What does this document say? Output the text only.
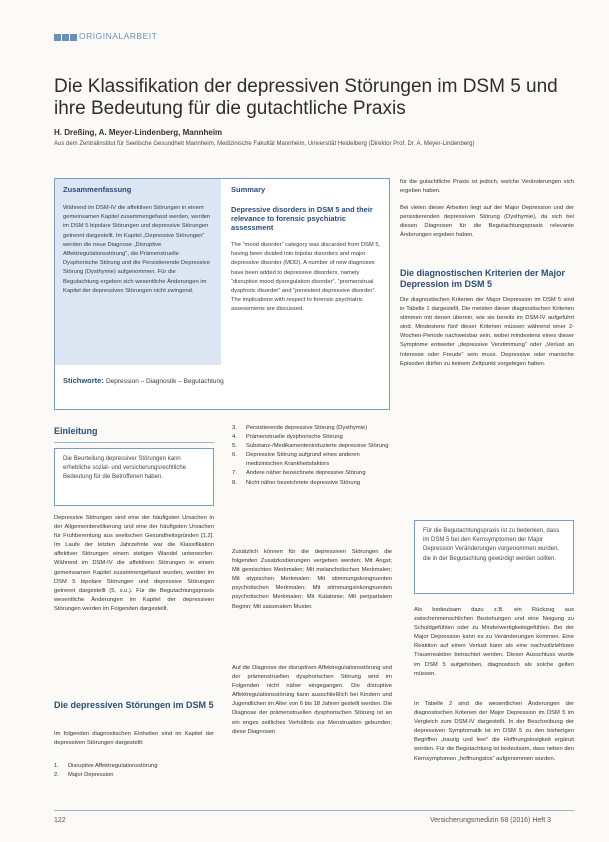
ORIGINALARBEIT
Die Klassifikation der depressiven Störungen im DSM 5 und ihre Bedeutung für die gutachtliche Praxis
H. Dreßing, A. Meyer-Lindenberg, Mannheim
Aus dem Zentralinstitut für Seelische Gesundheit Mannheim, Medizinische Fakultät Mannheim, Universität Heidelberg (Direktor Prof. Dr. A. Meyer-Lindenberg)
Zusammenfassung

Während im DSM-IV die affektiven Störungen in einem gemeinsamen Kapitel zusammengefasst werden, werden im DSM 5 bipolare Störungen und depressive Störungen getrennt dargestellt. Im Kapitel „Depressive Störungen“ werden die neue Diagnose „Disruptive Affektregulationsstörung“, die Prämenstruelle Dysphorische Störung und die Persistierende Depressive Störung (Dysthymie) aufgenommen. Für die Begutachtung ergeben sich wesentliche Änderungen im Kapitel der depressiven Störungen nicht zwingend.

Summary

Depressive disorders in DSM 5 and their relevance to forensic psychiatric assessment

The “mood disorder” category was discarded from DSM 5, having been divided into bipolar disorders and major depressive disorder (MDD). A number of new diagnoses have been added to depressive disorders, namely “disruptive mood dysregulation disorder”, “premenstrual dysphoric disorder” and “persistent depressive disorder”. The implications with respect to forensic psychiatric assessments are discussed.

Stichworte: Depression – Diagnostik – Begutachtung

für die gutachtliche Praxis ist jedoch, welche Veränderungen sich ergeben haben.

Bei vielen dieser Arbeiten liegt auf der Major Depression und der persistierenden depressiven Störung (Dysthymie), da sich bei diesen Diagnosen für die Begutachtungspraxis relevante Änderungen ergeben haben.

Die diagnostischen Kriterien der Major Depression im DSM 5

Die diagnostischen Kriterien der Major Depression im DSM 5 sind in Tabelle 1 dargestellt. Die meisten dieser diagnostischen Kriterien stimmen mit denen überein, wie sie bereits im DSM-IV aufgeführt sind. Mindestens fünf dieser Kriterien müssen während einer 2-Wochen-Periode nachweisbar sein, wobei mindestens eines dieser Symptome entweder „depressive Verstimmung“ oder „Verlust an Interesse oder Freude“ sein muss. Depressive oder manische Episoden dürfen zu keinem Zeitpunkt vorgelegen haben.

Einleitung
Die Beurteilung depressiver Störungen kann erhebliche sozial- und versicherungsrechtliche Bedeutung für die Betroffenen haben.

Depressive Störungen sind eine der häufigsten Ursachen in der Allgemeinbevölkerung und eine der häufigsten Ursachen für Frühberentung aus seelischen Gesundheitsgründen [1,2]. Im Laufe der letzten Jahrzehnte war die Klassifikation affektiver Störungen einem stetigen Wandel unterworfen. Während im DSM-IV die affektiven Störungen in einem gemeinsamen Kapitel zusammengefasst wurden, werden im DSM 5 bipolare Störungen und depressive Störungen getrennt dargestellt (5, s.u.). Für die Begutachtungspraxis wesentliche Änderungen im Kapitel der depressiven Störungen werden im Folgenden dargestellt.

Die depressiven Störungen im DSM 5

Im folgenden diagnostischen Einheiten sind im Kapitel der depressiven Störungen dargestellt:

1.	Disruptive Affektregulationsstörung
2.	Major Depression
3.	Persistierende depressive Störung (Dysthymie)
4.	Prämenstruelle dysphorische Störung
5.	Substanz-/Medikamenteninduzierte depressive Störung
6.	Depressive Störung aufgrund eines anderen medizinischen Krankheitsfaktors
7.	Andere näher bezeichnete depressive Störung
8.	Nicht näher bezeichnete depressive Störung

Zusätzlich können für die depressiven Störungen die folgenden Zusatzkodierungen vergeben werden: Mit Angst; Mit gemischten Merkmalen; Mit melancholischen Merkmalen; Mit atypischen Merkmalen; Mit stimmungskongruenten psychotischen Merkmalen; Mit stimmungsinkongruenten psychotischen Merkmalen; Mit Katatonie; Mit peripartalem Beginn; Mit saisonalem Muster.

Auf die Diagnose der disruptiven Affektregulationsstörung und der prämenstruellen dysphorischen Störung wird im Folgenden nicht näher eingegangen. Die disruptive Affektregulationsstörung kann ausschließlich bei Kindern und Jugendlichen im Alter von 6 bis 18 Jahren gestellt werden. Die Diagnose der prämenstruellen dysphorischen Störung ist an ein enges zeitliches Verhältnis zur Menstruation gebunden; diese Diagnosen

Für die Begutachtungspraxis ist zu bedenken, dass im DSM 5 bei den Kernsymptomen der Major Depression Veränderungen vorgenommen wurden, die in der Begutachtung gewürdigt werden sollten.

Als bedeutsam dazu z.B. ein Rückzug aus zwischenmenschlichen Beziehungen und eine Neigung zu Schuldgefühlen oder zu Minderwertigkeitsgefühlen. Bei der Major Depression kann es zu Veränderungen kommen. Eine Reaktion auf einen Verlust kann als eine nachvollziehbare Trauerreaktion betrachtet werden. Dieser Ausschluss wurde im DSM 5 aufgehoben, diagnostisch als solche gelten müssen.

In Tabelle 2 sind die wesentlichen Änderungen der diagnostischen Kriterien der Major Depression im DSM 5 im Vergleich zum DSM-IV dargestellt. In der Beschreibung der depressiven Symptomatik ist im DSM 5 zu den bisherigen Begriffen „traurig und leer“ die Hoffnungslosigkeit ergänzt worden. Für die Begutachtung ist bedeutsam, dass neben den Kernsymptomen „hoffnungslos“ aufgenommen wurden.

122	Versicherungsmedizin 68 (2016) Heft 3
